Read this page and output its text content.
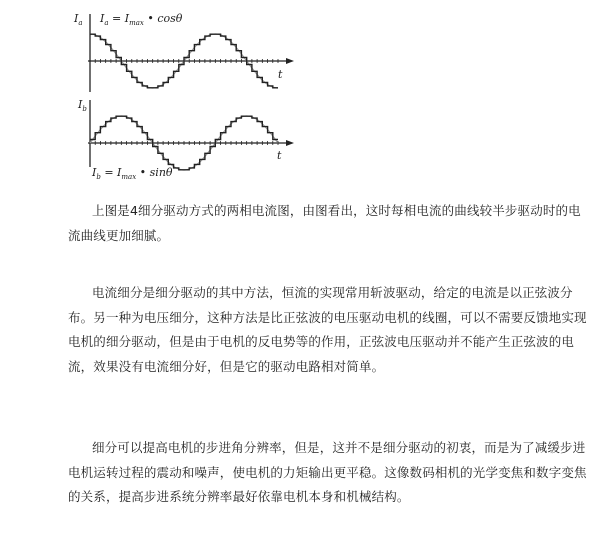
$I_a$ $I_a = I_{max}$ • cosθ
t
$I_b$
t
$I_b = I_{max}$ • sinθ

上图是4细分驱动方式的两相电流图，由图看出，这时每相电流的曲线较半步驱动时的电流曲线更加细腻。

电流细分是细分驱动的其中方法，恒流的实现常用斩波驱动，给定的电流是以正弦波分布。另一种为电压细分，这种方法是比正弦波的电压驱动电机的线圈，可以不需要反馈地实现电机的细分驱动，但是由于电机的反电势等的作用，正弦波电压驱动并不能产生正弦波的电流，效果没有电流细分好，但是它的驱动电路相对简单。

细分可以提高电机的步进角分辨率，但是，这并不是细分驱动的初衷，而是为了减缓步进电机运转过程的震动和噪声，使电机的力矩输出更平稳。这像数码相机的光学变焦和数字变焦的关系，提高步进系统分辨率最好依靠电机本身和机械结构。
